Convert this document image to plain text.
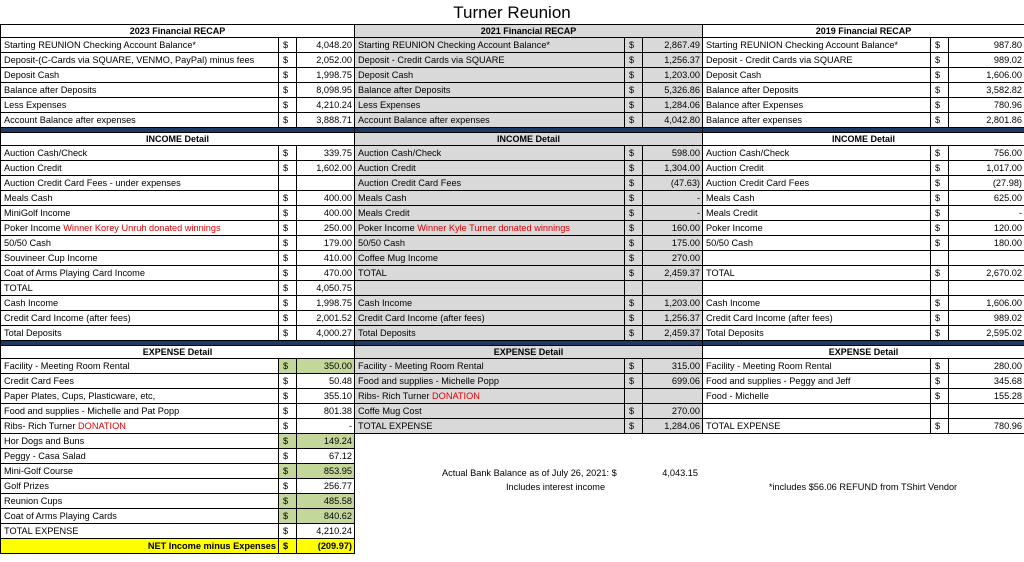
Turner Reunion
2023 Financial RECAP		
Starting REUNION Checking Account Balance*	$	4,048.20
Deposit-(C-Cards via SQUARE, VENMO, PayPal) minus fees	$	2,052.00
Deposit Cash	$	1,998.75
Balance after Deposits	$	8,098.95
Less Expenses	$	4,210.24
Account Balance after expenses	$	3,888.71

INCOME Detail		
Auction Cash/Check	$	339.75
Auction Credit	$	1,602.00
Auction Credit Card Fees - under expenses		
Meals Cash	$	400.00
MiniGolf Income	$	400.00
Poker Income Winner Korey Unruh donated winnings	$	250.00
50/50 Cash	$	179.00
Souvineer Cup Income	$	410.00
Coat of Arms Playing Card Income	$	470.00
TOTAL	$	4,050.75
Cash Income	$	1,998.75
Credit Card Income (after fees)	$	2,001.52
Total Deposits	$	4,000.27

EXPENSE Detail		
Facility - Meeting Room Rental	$	350.00
Credit Card Fees	$	50.48
Paper Plates, Cups, Plasticware, etc,	$	355.10
Food and supplies - Michelle and Pat Popp	$	801.38
Ribs- Rich Turner DONATION	$	-
Hor Dogs and Buns	$	149.24
Peggy - Casa Salad	$	67.12
Mini-Golf Course	$	853.95
Golf Prizes	$	256.77
Reunion Cups	$	485.58
Coat of Arms Playing Cards	$	840.62
TOTAL EXPENSE	$	4,210.24
NET Income minus Expenses	$	(209.97)
2021 Financial RECAP		
Starting REUNION Checking Account Balance*	$	2,867.49
Deposit - Credit Cards via SQUARE	$	1,256.37
Deposit Cash	$	1,203.00
Balance after Deposits	$	5,326.86
Less Expenses	$	1,284.06
Account Balance after expenses	$	4,042.80

INCOME Detail		
Auction Cash/Check	$	598.00
Auction Credit	$	1,304.00
Auction Credit Card Fees	$	(47.63)
Meals Cash	$	-
Meals Credit	$	-
Poker Income Winner Kyle Turner donated winnings	$	160.00
50/50 Cash	$	175.00
Coffee Mug Income	$	270.00
TOTAL	$	2,459.37

Cash Income	$	1,203.00
Credit Card Income (after fees)	$	1,256.37
Total Deposits	$	2,459.37

EXPENSE Detail		
Facility - Meeting Room Rental	$	315.00
Food and supplies - Michelle Popp	$	699.06
Ribs- Rich Turner DONATION		
Coffe Mug Cost	$	270.00
TOTAL EXPENSE	$	1,284.06
Actual Bank Balance as of July 26, 2021: $	4,043.15
Includes interest income
2019 Financial RECAP		
Starting REUNION Checking Account Balance*	$	987.80
Deposit - Credit Cards via SQUARE	$	989.02
Deposit Cash	$	1,606.00
Balance after Deposits	$	3,582.82
Balance after Expenses	$	780.96
Balance after expenses	$	2,801.86

INCOME Detail		
Auction Cash/Check	$	756.00
Auction Credit	$	1,017.00
Auction Credit Card Fees	$	(27.98)
Meals Cash	$	625.00
Meals Credit	$	-
Poker Income	$	120.00
50/50 Cash	$	180.00

TOTAL	$	2,670.02

Cash Income	$	1,606.00
Credit Card Income (after fees)	$	989.02
Total Deposits	$	2,595.02

EXPENSE Detail		
Facility - Meeting Room Rental	$	280.00
Food and supplies - Peggy and Jeff	$	345.68
Food - Michelle	$	155.28

TOTAL EXPENSE	$	780.96
*includes $56.06 REFUND from TShirt Vendor
